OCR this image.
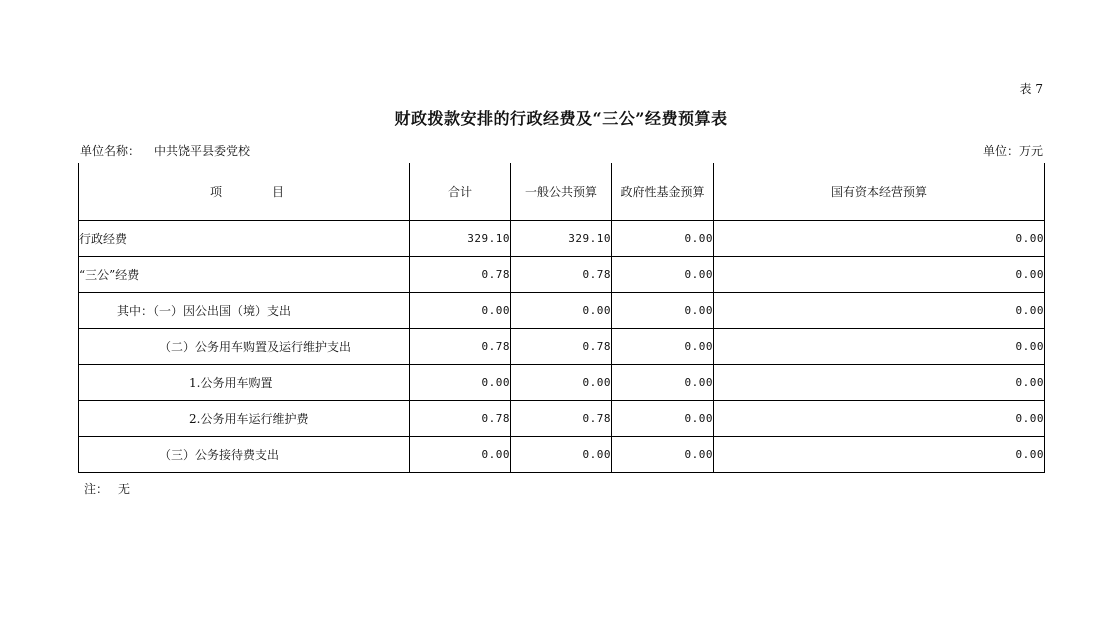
表 7
财政拨款安排的行政经费及“三公”经费预算表
单位名称： 中共饶平县委党校	单位：万元
项 目	合计	一般公共预算	政府性基金预算	国有资本经营预算
行政经费	329.10	329.10	0.00	0.00
“三公”经费	0.78	0.78	0.00	0.00
其中：（一）因公出国（境）支出	0.00	0.00	0.00	0.00
（二）公务用车购置及运行维护支出	0.78	0.78	0.00	0.00
1.公务用车购置	0.00	0.00	0.00	0.00
2.公务用车运行维护费	0.78	0.78	0.00	0.00
（三）公务接待费支出	0.00	0.00	0.00	0.00
注： 无
